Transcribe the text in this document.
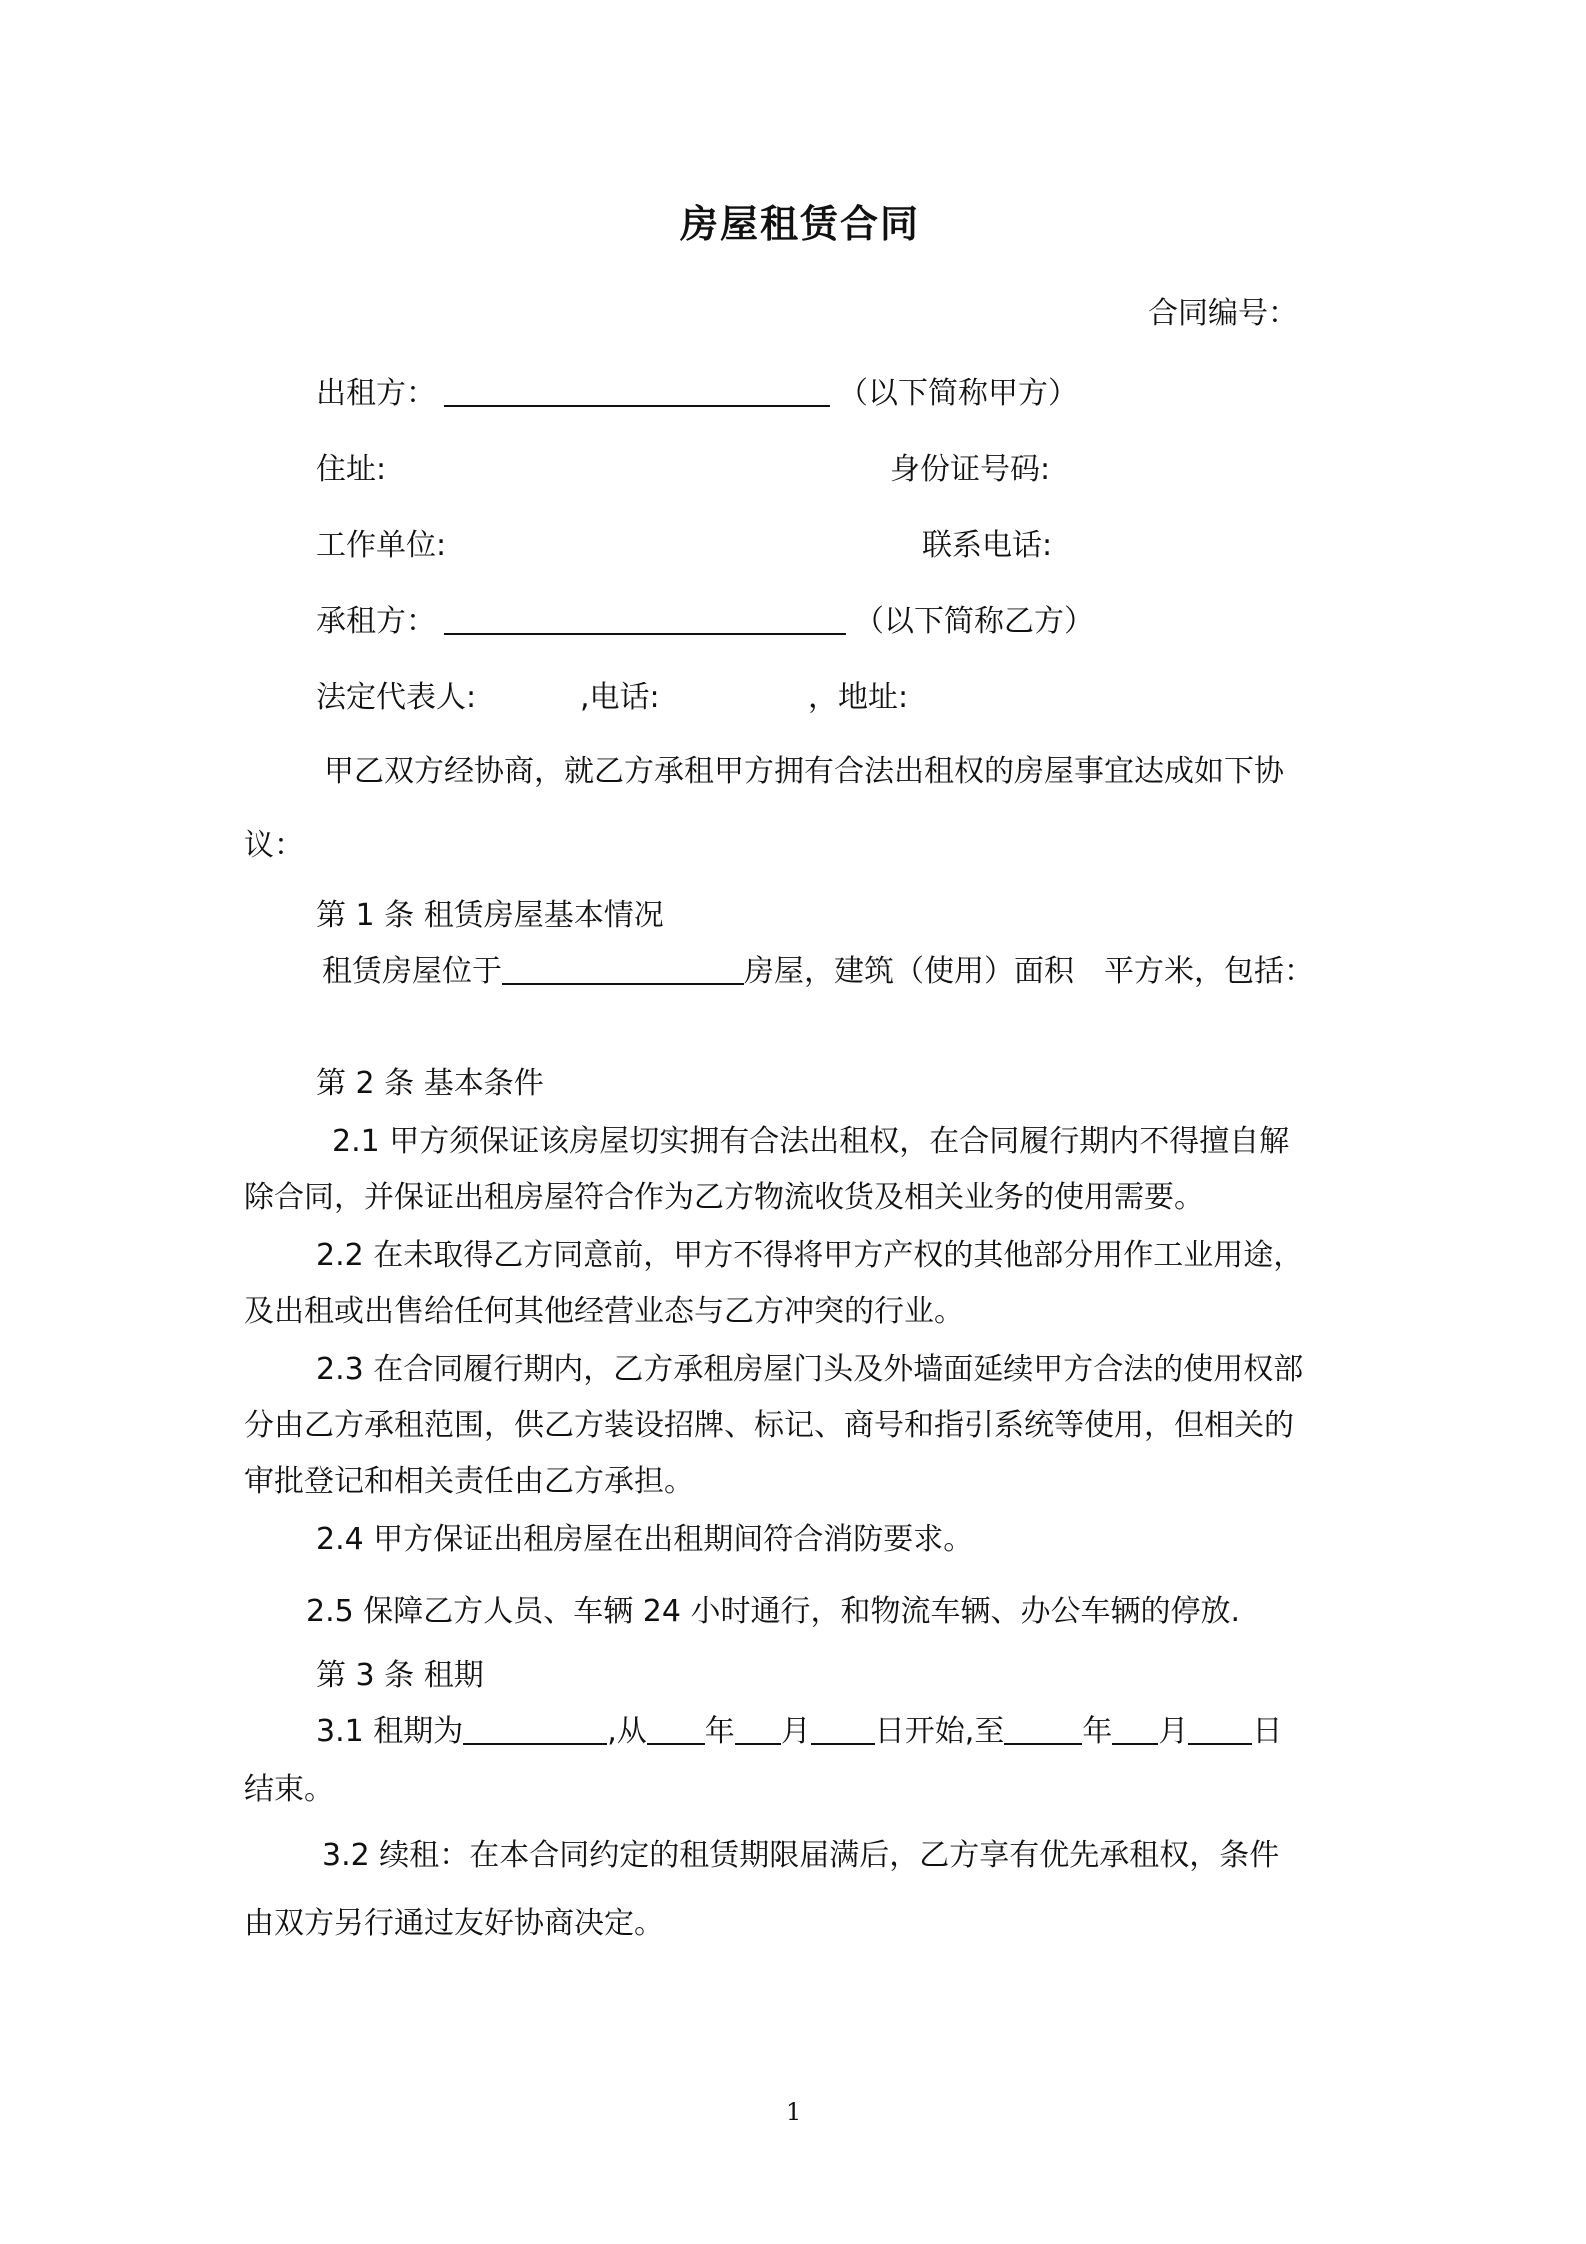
房屋租赁合同
合同编号：
出租方：	（以下简称甲方）
住址:	身份证号码:
工作单位:	联系电话:
承租方：	（以下简称乙方）
法定代表人:	,电话:	，地址:
甲乙双方经协商，就乙方承租甲方拥有合法出租权的房屋事宜达成如下协
议：
第 1 条 租赁房屋基本情况
租赁房屋位于	房屋，建筑（使用）面积 平方米，包括：
第 2 条 基本条件
2.1 甲方须保证该房屋切实拥有合法出租权，在合同履行期内不得擅自解
除合同，并保证出租房屋符合作为乙方物流收货及相关业务的使用需要。
2.2 在未取得乙方同意前，甲方不得将甲方产权的其他部分用作工业用途，
及出租或出售给任何其他经营业态与乙方冲突的行业。
2.3 在合同履行期内，乙方承租房屋门头及外墙面延续甲方合法的使用权部
分由乙方承租范围，供乙方装设招牌、标记、商号和指引系统等使用，但相关的
审批登记和相关责任由乙方承担。
2.4 甲方保证出租房屋在出租期间符合消防要求。
2.5 保障乙方人员、车辆 24 小时通行，和物流车辆、办公车辆的停放.
第 3 条 租期
3.1 租期为	,从 年 月 日开始,至	年 月 日
结束。
3.2 续租：在本合同约定的租赁期限届满后，乙方享有优先承租权，条件
由双方另行通过友好协商决定。
1
